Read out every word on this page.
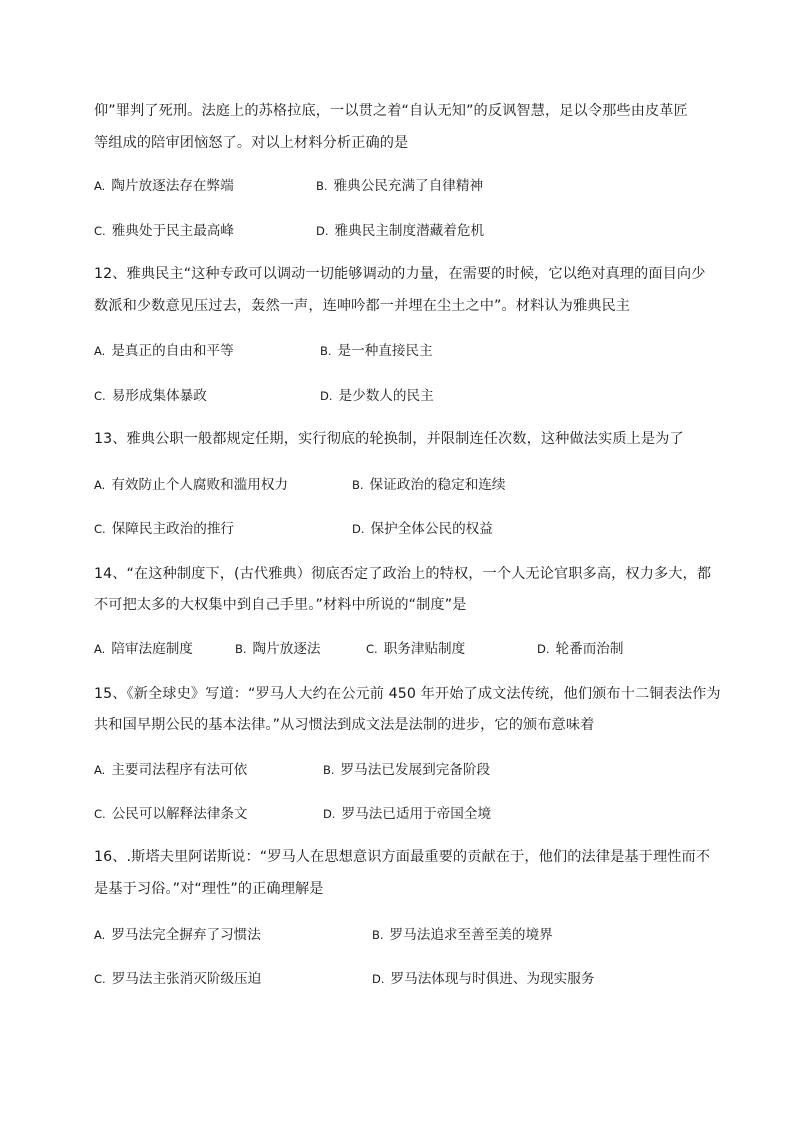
仰”罪判了死刑。法庭上的苏格拉底，一以贯之着“自认无知”的反讽智慧，足以令那些由皮革匠
等组成的陪审团恼怒了。对以上材料分析正确的是
A. 陶片放逐法存在弊端	B. 雅典公民充满了自律精神
C. 雅典处于民主最高峰	D. 雅典民主制度潜藏着危机
12、雅典民主“这种专政可以调动一切能够调动的力量，在需要的时候，它以绝对真理的面目向少
数派和少数意见压过去，轰然一声，连呻吟都一并埋在尘土之中”。材料认为雅典民主
A. 是真正的自由和平等	B. 是一种直接民主
C. 易形成集体暴政	D. 是少数人的民主
13、雅典公职一般都规定任期，实行彻底的轮换制，并限制连任次数，这种做法实质上是为了
A. 有效防止个人腐败和滥用权力	B. 保证政治的稳定和连续
C. 保障民主政治的推行	D. 保护全体公民的权益
14、“在这种制度下，(古代雅典）彻底否定了政治上的特权，一个人无论官职多高，权力多大，都
不可把太多的大权集中到自己手里。”材料中所说的“制度”是
A. 陪审法庭制度	B. 陶片放逐法	C. 职务津贴制度	D. 轮番而治制
15、《新全球史》写道：“罗马人大约在公元前 450 年开始了成文法传统，他们颁布十二铜表法作为
共和国早期公民的基本法律。”从习惯法到成文法是法制的进步，它的颁布意味着
A. 主要司法程序有法可依	B. 罗马法已发展到完备阶段
C. 公民可以解释法律条文	D. 罗马法已适用于帝国全境
16、.斯塔夫里阿诺斯说：“罗马人在思想意识方面最重要的贡献在于，他们的法律是基于理性而不
是基于习俗。”对“理性”的正确理解是
A. 罗马法完全摒弃了习惯法	B. 罗马法追求至善至美的境界
C. 罗马法主张消灭阶级压迫	D. 罗马法体现与时俱进、为现实服务
